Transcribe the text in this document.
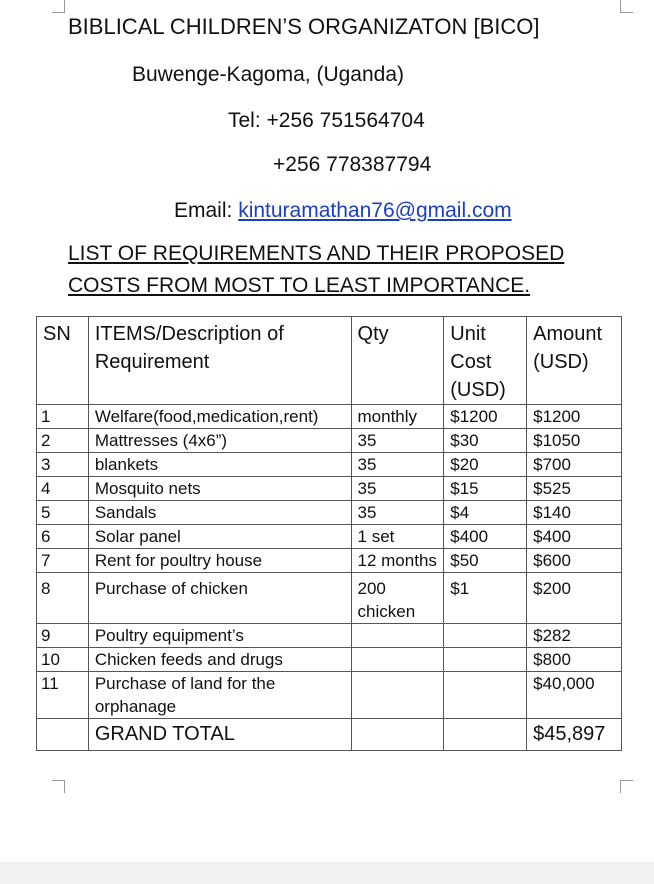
BIBLICAL CHILDREN’S ORGANIZATON [BICO]
Buwenge-Kagoma, (Uganda)
Tel: +256 751564704
+256 778387794
Email: kinturamathan76@gmail.com
LIST OF REQUIREMENTS AND THEIR PROPOSED
COSTS FROM MOST TO LEAST IMPORTANCE.
SN	ITEMS/Description of Requirement	Qty	Unit Cost (USD)	Amount (USD)
1	Welfare(food,medication,rent)	monthly	$1200	$1200
2	Mattresses (4x6”)	35	$30	$1050
3	blankets	35	$20	$700
4	Mosquito nets	35	$15	$525
5	Sandals	35	$4	$140
6	Solar panel	1 set	$400	$400
7	Rent for poultry house	12 months	$50	$600
8	Purchase of chicken	200 chicken	$1	$200
9	Poultry equipment’s			$282
10	Chicken feeds and drugs			$800
11	Purchase of land for the orphanage			$40,000
	GRAND TOTAL			$45,897
